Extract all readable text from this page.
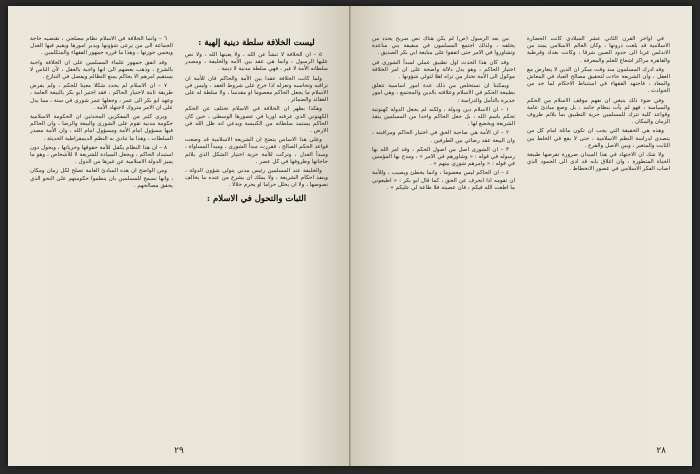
ليست الخلافة سلطة دينية إلهية :

٥ – ان الخلافة لا تنشأ عن الله ، ولا يعينها الله ، ولا نص عليها الرسول ، وانما هي عقد بين الأمة والخليفة ، ومصدر سلطانه الأمة لا غير ، فهي سلطة مدنية لا دينية .

ولما كانت الخلافة عقدا بين الأمة والحاكم فان للأمة ان تراقبه وتحاسبه وتعزله اذا خرج على شروط العقد ، وليس في الاسلام ما يجعل الحاكم معصوما او مقدسا ، ولا سلطة له على العقائد والضمائر .

وهكذا يظهر ان الخلافة في الاسلام تختلف عن الحكم الكهنوتي الذي عرفته اوربا في عصورها الوسطى ، حين كان الحاكم يستمد سلطانه من الكنيسة ويدعي انه ظل الله في الارض .

وعلى هذا الاساس يتضح ان الشريعة الاسلامية قد وضعت قواعد الحكم الصالح ، فقررت مبدأ الشورى ، ومبدأ المساواة ، ومبدأ العدل ، وتركت للأمة حرية اختيار الشكل الذي يلائم حاجاتها وظروفها في كل عصر .

والخليفة عند المسلمين رئيس مدني يتولى شؤون الدولة ، وينفذ احكام الشريعة ، ولا يملك ان يشرع من عنده ما يخالف نصوصها ، ولا ان يحلل حراما او يحرم حلالا .

الثبات والتحول في الاسلام :

٦ – وانما الخلافة في الاسلام نظام مصلحي ، تقتضيه حاجة الجماعة الى من يرعى شؤونها ويدبر امورها ويقيم فيها العدل ويحمي حوزتها ، وهذا ما قرره جمهور الفقهاء والمتكلمين .

وقد اتفق جمهور علماء المسلمين على ان الخلافة واجبة بالشرع ، وذهب بعضهم الى انها واجبة بالعقل ، لأن الناس لا يستقيم امرهم الا بحاكم يمنع التظالم ويفصل في التنازع .

٧ – ان الاسلام لم يحدد شكلا معينا للحكم ، ولم يفرض طريقة ثابتة لاختيار الحاكم ، فقد اختير ابو بكر بالبيعة العامة ، وعهد ابو بكر الى عمر ، وجعلها عمر شورى في ستة ، مما يدل على ان الامر متروك لاجتهاد الأمة .

ويرى كثير من المفكرين المحدثين ان الحكومة الاسلامية حكومة مدنية تقوم على الشورى والبيعة والرضا ، وان الحاكم فيها مسؤول امام الأمة ومسؤول امام الله ، وان الأمة مصدر السلطات ، وهذا ما تنادي به النظم الديمقراطية الحديثة .

٨ – ان هذا النظام يكفل للأمة حقوقها وحرياتها ، ويحول دون استبداد الحاكم ، ويجعل السيادة للشريعة لا للأشخاص ، وهو ما يميز الدولة الاسلامية عن غيرها من الدول .

ومن الواضح ان هذه المبادئ العامة تصلح لكل زمان ومكان ، وانها تسمح للمسلمين بان ينظموا حكومتهم على النحو الذي يحقق مصالحهم .

٢٩

في اواخر القرن الثاني عشر الميلادي كانت الحضارة الاسلامية قد بلغت ذروتها ، وكان العالم الاسلامي يمتد من الاندلس غربا الى حدود الصين شرقا ، وكانت بغداد وقرطبة والقاهرة مراكز اشعاع للعلم والمعرفة .

وقد ادرك المسلمون منذ وقت مبكر ان الدين لا يتعارض مع العقل ، وان الشريعة جاءت لتحقيق مصالح العباد في المعاش والمعاد ، فاجتهد الفقهاء في استنباط الاحكام لما جد من الحوادث .

وفي ضوء ذلك ينبغي ان نفهم موقف الاسلام من الحكم والسياسة ، فهو لم يأت بنظام جامد ، بل وضع مبادئ عامة وقواعد كلية تترك للمسلمين حرية التطبيق بما يلائم ظروف الزمان والمكان .

وهذه هي الحقيقة التي يجب ان تكون ماثلة امام كل من يتصدى لدراسة النظم الاسلامية ، حتى لا يقع في الخلط بين الثابت والمتغير ، وبين الاصل والفرع .

ولا شك ان الاجتهاد في هذا الميدان ضرورة تفرضها طبيعة الحياة المتطورة ، وان اغلاق بابه قد ادى الى الجمود الذي اصاب الفكر الاسلامي في عصور الانحطاط .

من بعد الرسول (ص) لم يكن هناك نص صريح يحدد من يخلفه ، ولذلك اجتمع المسلمون في سقيفة بني ساعدة وتشاوروا في الامر حتى اتفقوا على مبايعة ابي بكر الصديق .

وقد كان هذا الحدث اول تطبيق عملي لمبدأ الشورى في اختيار الحاكم ، وهو يدل دلالة واضحة على ان امر الخلافة موكول الى الأمة تختار من تراه اهلا لتولي شؤونها .

ويمكننا ان نستخلص من ذلك عدة امور اساسية تتعلق بطبيعة الحكم في الاسلام وعلاقته بالدين والمجتمع ، وهي امور جديرة بالتأمل والدراسة :

١ – ان الاسلام دين ودولة ، ولكنه لم يجعل الدولة كهنوتية تحكم باسم الله ، بل جعل الحاكم واحدا من المسلمين ينفذ الشريعة ويخضع لها .

٢ – ان الأمة هي صاحبة الحق في اختيار الحاكم ومراقبته ، وان البيعة عقد رضائي بين الطرفين .

٣ – ان الشورى اصل من اصول الحكم ، وقد امر الله بها رسوله في قوله : « وشاورهم في الامر » ، ومدح بها المؤمنين في قوله : « وامرهم شورى بينهم » .

٤ – ان الحاكم ليس معصوما ، وانما يخطئ ويصيب ، وللأمة ان تقومه اذا انحرف عن الحق ، كما قال ابو بكر : « اطيعوني ما اطعت الله فيكم ، فان عصيته فلا طاعة لي عليكم » .

٢٨
